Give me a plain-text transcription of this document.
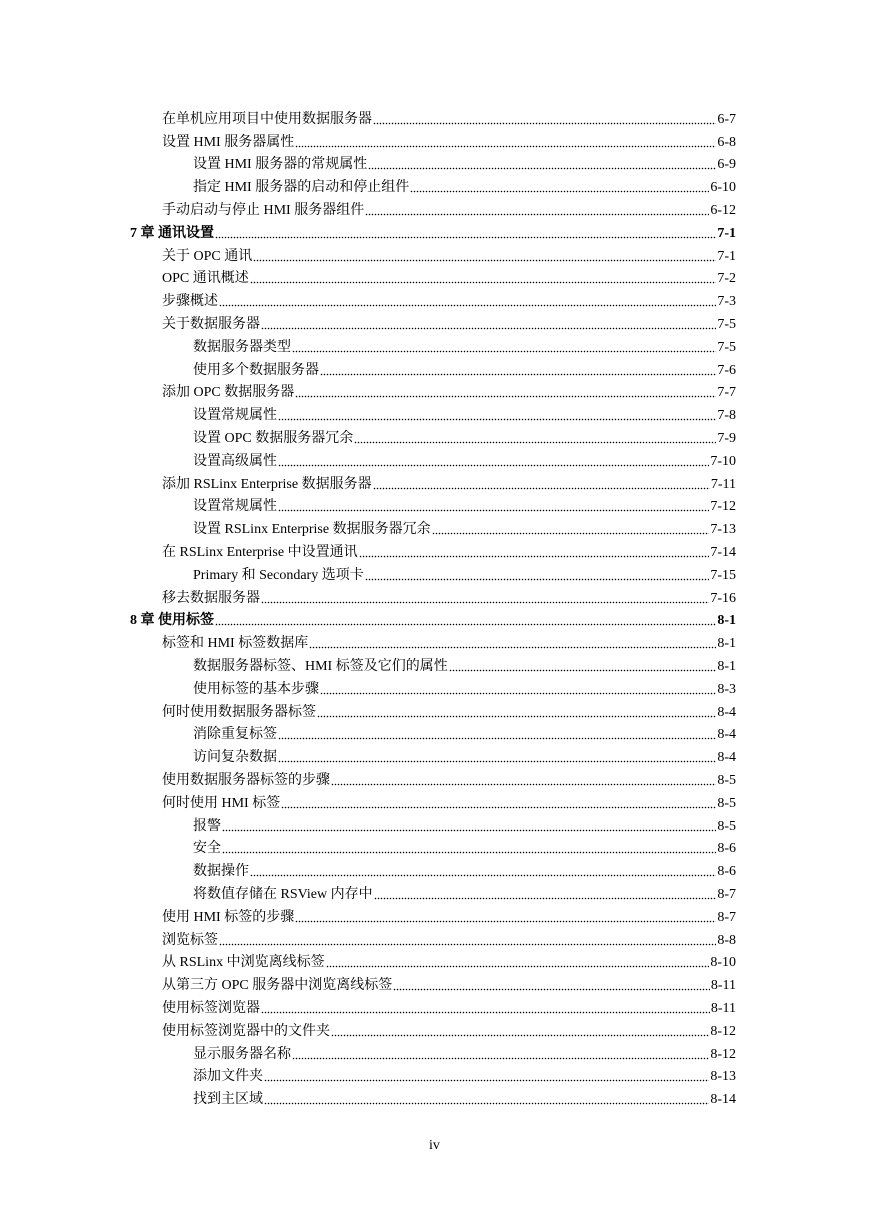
在单机应用项目中使用数据服务器	6-7
设置 HMI 服务器属性	6-8
设置 HMI 服务器的常规属性	6-9
指定 HMI 服务器的启动和停止组件	6-10
手动启动与停止 HMI 服务器组件	6-12
7 章 通讯设置	7-1
关于 OPC 通讯	7-1
OPC 通讯概述	7-2
步骤概述	7-3
关于数据服务器	7-5
数据服务器类型	7-5
使用多个数据服务器	7-6
添加 OPC 数据服务器	7-7
设置常规属性	7-8
设置 OPC 数据服务器冗余	7-9
设置高级属性	7-10
添加 RSLinx Enterprise 数据服务器	7-11
设置常规属性	7-12
设置 RSLinx Enterprise 数据服务器冗余	7-13
在 RSLinx Enterprise 中设置通讯	7-14
Primary 和 Secondary 选项卡	7-15
移去数据服务器	7-16
8 章 使用标签	8-1
标签和 HMI 标签数据库	8-1
数据服务器标签、HMI 标签及它们的属性	8-1
使用标签的基本步骤	8-3
何时使用数据服务器标签	8-4
消除重复标签	8-4
访问复杂数据	8-4
使用数据服务器标签的步骤	8-5
何时使用 HMI 标签	8-5
报警	8-5
安全	8-6
数据操作	8-6
将数值存储在 RSView 内存中	8-7
使用 HMI 标签的步骤	8-7
浏览标签	8-8
从 RSLinx 中浏览离线标签	8-10
从第三方 OPC 服务器中浏览离线标签	8-11
使用标签浏览器	8-11
使用标签浏览器中的文件夹	8-12
显示服务器名称	8-12
添加文件夹	8-13
找到主区域	8-14
iv
